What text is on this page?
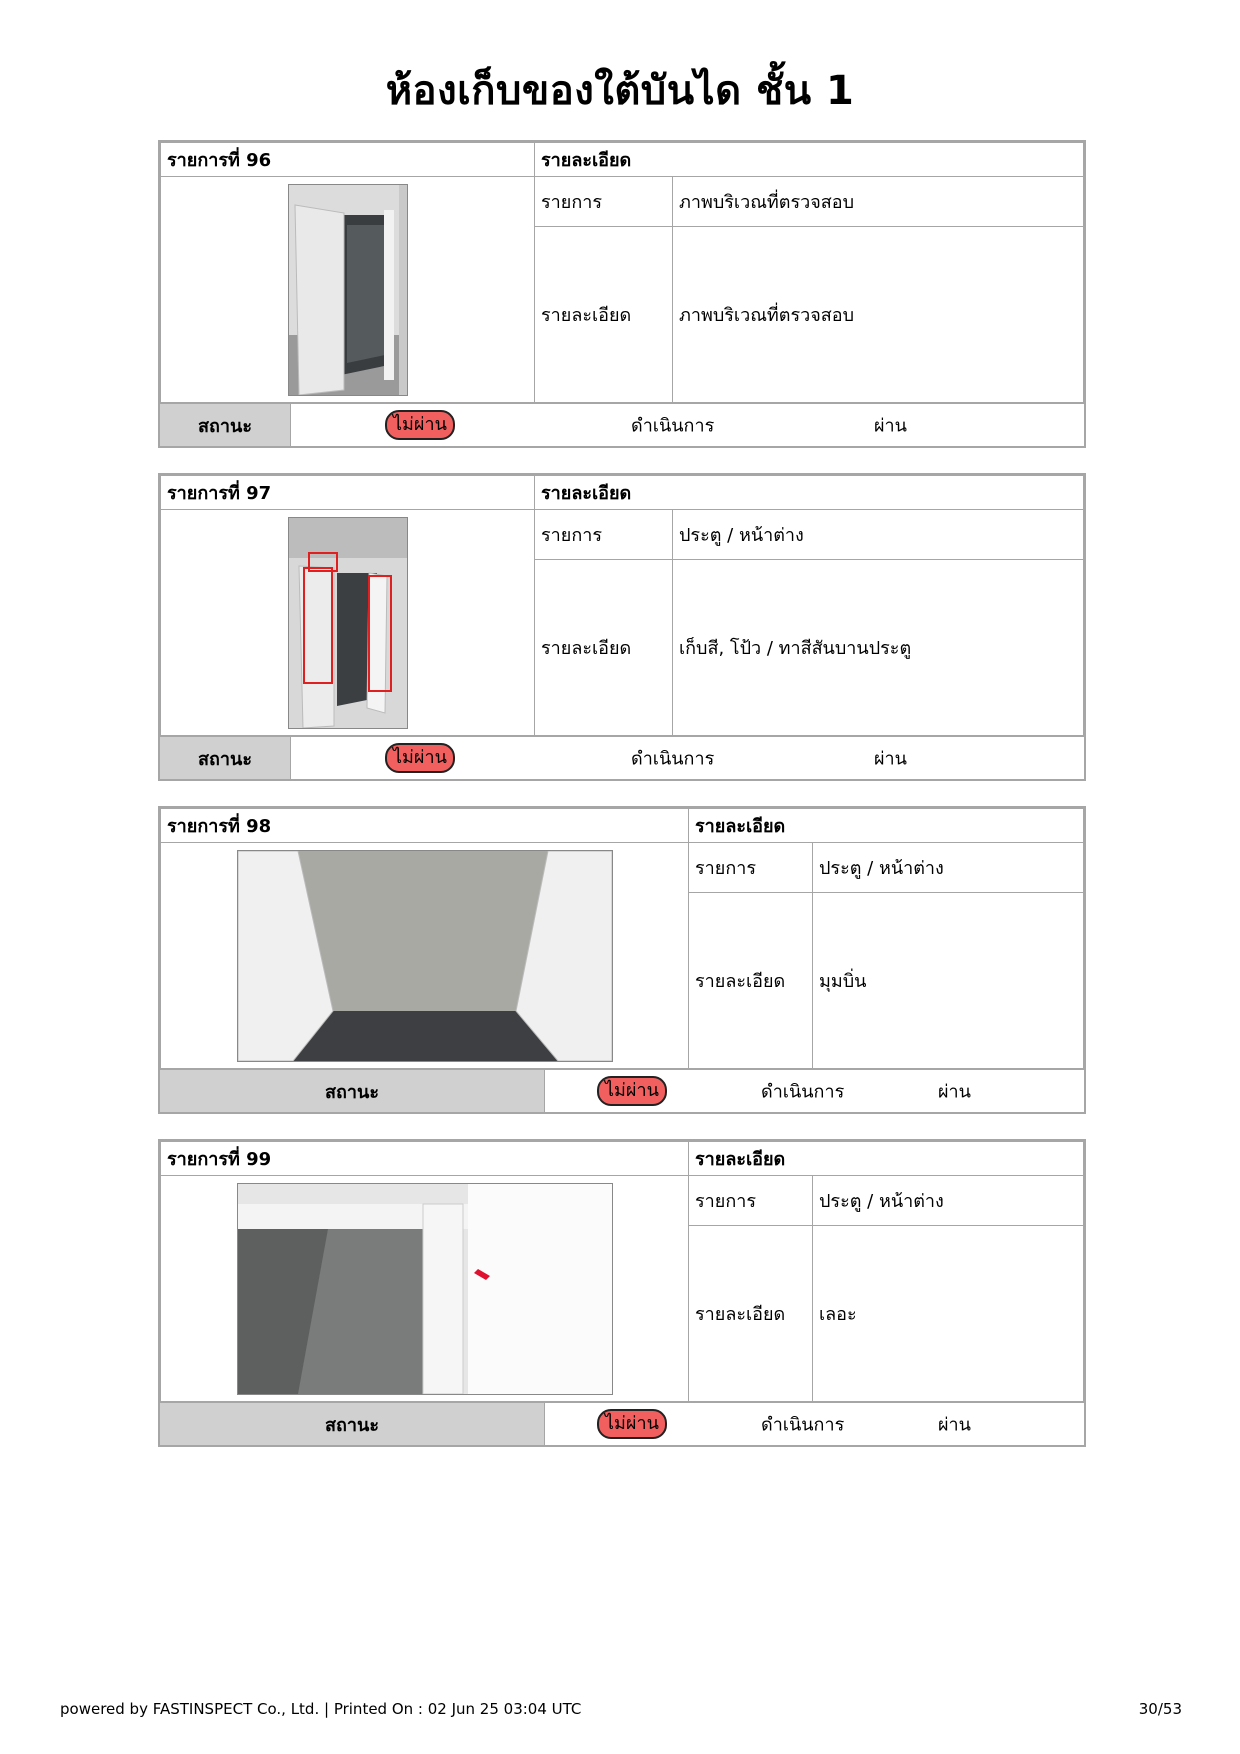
ห้องเก็บของใต้บันได ชั้น 1
รายการที่ 96	รายละเอียด	

	รายการ	ภาพบริเวณที่ตรวจสอบ
	รายละเอียด	ภาพบริเวณที่ตรวจสอบ
สถานะ	ไม่ผ่าน	ดำเนินการ	ผ่าน
รายการที่ 97	รายละเอียด	

	รายการ	ประตู / หน้าต่าง
	รายละเอียด	เก็บสี, โป้ว / ทาสีสันบานประตู
สถานะ	ไม่ผ่าน	ดำเนินการ	ผ่าน
รายการที่ 98	รายละเอียด	

	รายการ	ประตู / หน้าต่าง
	รายละเอียด	มุมบิ่น
สถานะ	ไม่ผ่าน	ดำเนินการ	ผ่าน
รายการที่ 99	รายละเอียด	

	รายการ	ประตู / หน้าต่าง
	รายละเอียด	เลอะ
สถานะ	ไม่ผ่าน	ดำเนินการ	ผ่าน
powered by FASTINSPECT Co., Ltd. | Printed On : 02 Jun 25 03:04 UTC	30/53
